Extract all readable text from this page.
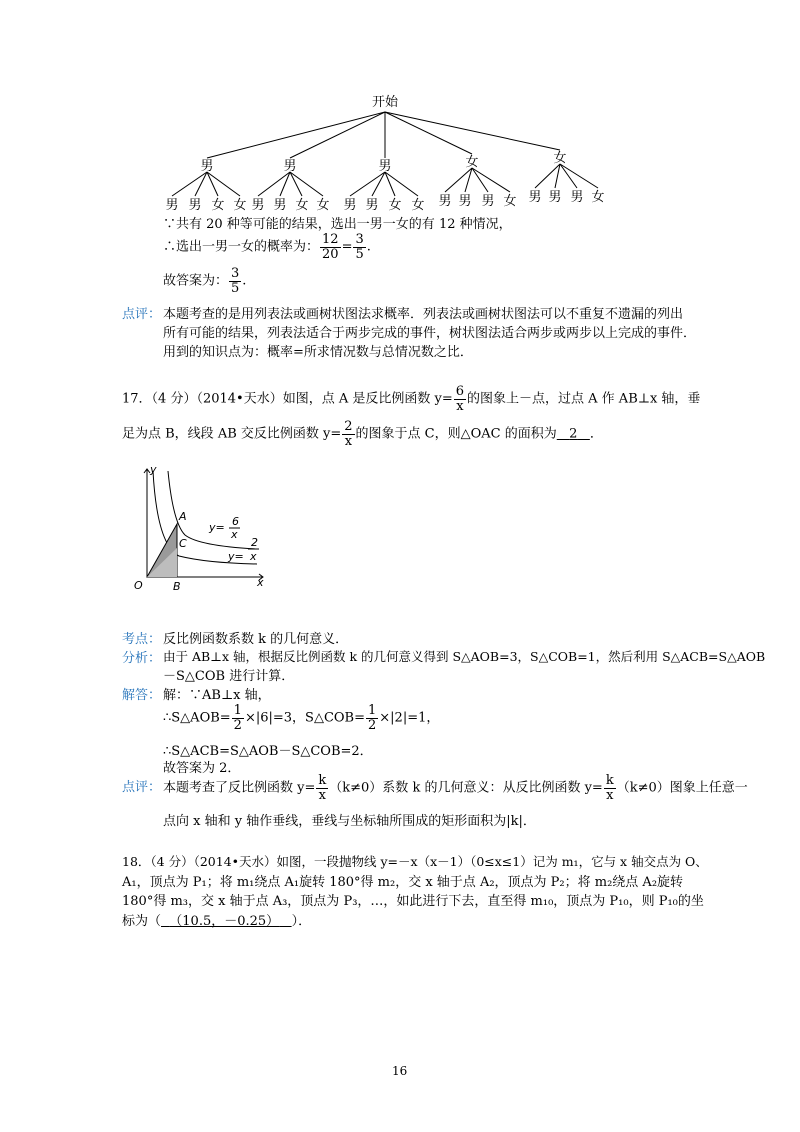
开始
男	男	男	女	女
男 男 女 女 男 男 女 女 男 男 女 女 男 男 男 女 男 男 男 女
∵共有 20 种等可能的结果，选出一男一女的有 12 种情况，
∴选出一男一女的概率为： $\frac{12}{20} = \frac{3}{5}$ .
故答案为： $\frac{3}{5}$ .
点评： 本题考查的是用列表法或画树状图法求概率．列表法或画树状图法可以不重复不遗漏的列出
所有可能的结果，列表法适合于两步完成的事件，树状图法适合两步或两步以上完成的事件．
用到的知识点为：概率=所求情况数与总情况数之比．
17．（4 分）（2014•天水）如图，点 A 是反比例函数 $y= \frac{6}{x}$ 的图象上－点，过点 A 作 AB⊥x 轴，垂
足为点 B，线段 AB 交反比例函数 $y= \frac{2}{x}$ 的图象于点 C，则△OAC 的面积为 2 ．
y
x
O	B
A
C
y= 6
x
y=
2
x
考点： 反比例函数系数 k 的几何意义．
分析： 由于 AB⊥x 轴，根据反比例函数 k 的几何意义得到 S△AOB=3，S△COB=1，然后利用 S△ACB=S△AOB
－S△COB 进行计算．
解答： 解：∵AB⊥x 轴，
∴S△AOB= $\frac{1}{2} \times|6|=3$，S△COB= $\frac{1}{2} \times|2|=1$，
∴S△ACB=S△AOB－S△COB=2．
故答案为 2．
点评： 本题考查了反比例函数 $y= \frac{k}{x} (k\ne 0)$系数 k 的几何意义：从反比例函数 $y= \frac{k}{x} (k\ne 0)$图象上任意一
点向 x 轴和 y 轴作垂线，垂线与坐标轴所围成的矩形面积为|k|．
18．（4 分）（2014•天水）如图，一段抛物线 y=－x（x－1）（0≤x≤1）记为 m₁，它与 x 轴交点为 O、
A₁，顶点为 P₁；将 m₁绕点 A₁旋转 180°得 m₂，交 x 轴于点 A₂，顶点为 P₂；将 m₂绕点 A₂旋转
180°得 m₃，交 x 轴于点 A₃，顶点为 P₃，…，如此进行下去，直至得 m₁₀，顶点为 P₁₀，则 P₁₀的坐
标为（ （10.5，－0.25） ）．
16
